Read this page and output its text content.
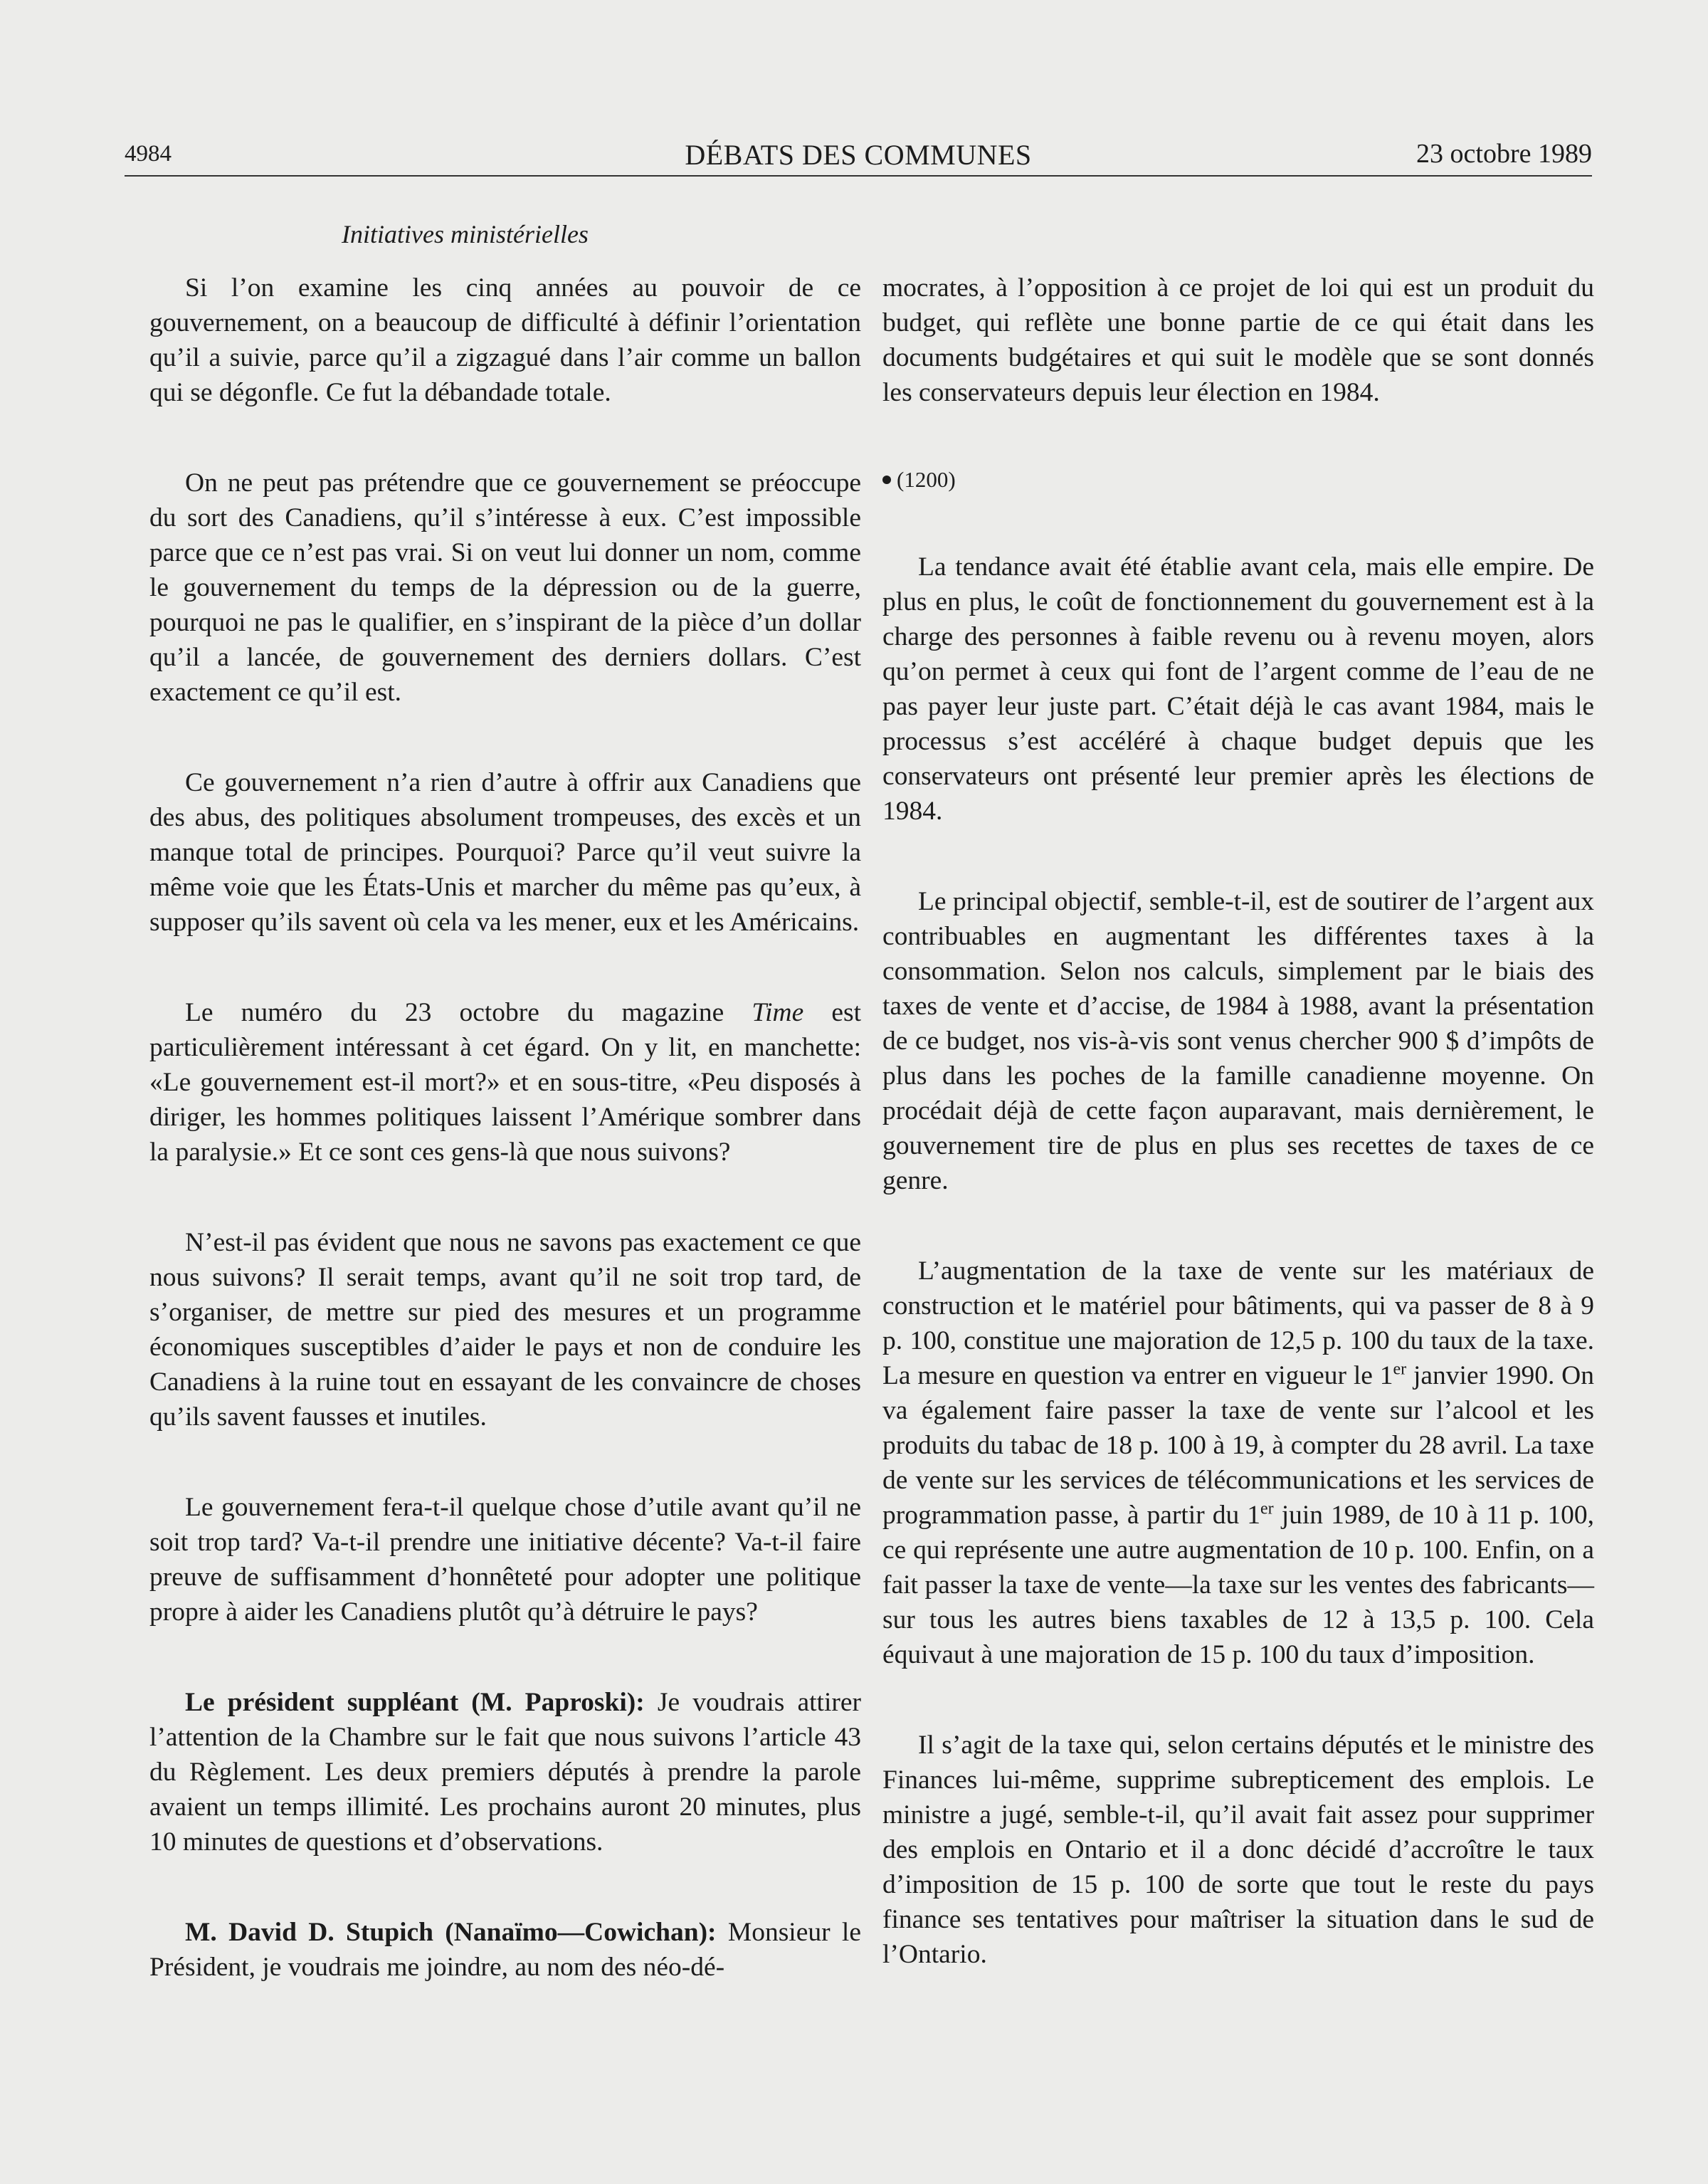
4984	DÉBATS DES COMMUNES	23 octobre 1989
Initiatives ministérielles

Si l’on examine les cinq années au pouvoir de ce gouvernement, on a beaucoup de difficulté à définir l’orientation qu’il a suivie, parce qu’il a zigzagué dans l’air comme un ballon qui se dégonfle. Ce fut la débandade totale.

On ne peut pas prétendre que ce gouvernement se préoccupe du sort des Canadiens, qu’il s’intéresse à eux. C’est impossible parce que ce n’est pas vrai. Si on veut lui donner un nom, comme le gouvernement du temps de la dépression ou de la guerre, pourquoi ne pas le qualifier, en s’inspirant de la pièce d’un dollar qu’il a lancée, de gouvernement des derniers dollars. C’est exactement ce qu’il est.

Ce gouvernement n’a rien d’autre à offrir aux Canadiens que des abus, des politiques absolument trompeuses, des excès et un manque total de principes. Pourquoi? Parce qu’il veut suivre la même voie que les États-Unis et marcher du même pas qu’eux, à supposer qu’ils savent où cela va les mener, eux et les Américains.

Le numéro du 23 octobre du magazine Time est particulièrement intéressant à cet égard. On y lit, en manchette: «Le gouvernement est-il mort?» et en sous-titre, «Peu disposés à diriger, les hommes politiques laissent l’Amérique sombrer dans la paralysie.» Et ce sont ces gens-là que nous suivons?

N’est-il pas évident que nous ne savons pas exactement ce que nous suivons? Il serait temps, avant qu’il ne soit trop tard, de s’organiser, de mettre sur pied des mesures et un programme économiques susceptibles d’aider le pays et non de conduire les Canadiens à la ruine tout en essayant de les convaincre de choses qu’ils savent fausses et inutiles.

Le gouvernement fera-t-il quelque chose d’utile avant qu’il ne soit trop tard? Va-t-il prendre une initiative décente? Va-t-il faire preuve de suffisamment d’honnêteté pour adopter une politique propre à aider les Canadiens plutôt qu’à détruire le pays?

Le président suppléant (M. Paproski): Je voudrais attirer l’attention de la Chambre sur le fait que nous suivons l’article 43 du Règlement. Les deux premiers députés à prendre la parole avaient un temps illimité. Les prochains auront 20 minutes, plus 10 minutes de questions et d’observations.

M. David D. Stupich (Nanaïmo—Cowichan): Monsieur le Président, je voudrais me joindre, au nom des néo-dé-

mocrates, à l’opposition à ce projet de loi qui est un produit du budget, qui reflète une bonne partie de ce qui était dans les documents budgétaires et qui suit le modèle que se sont donnés les conservateurs depuis leur élection en 1984.

(1200)

La tendance avait été établie avant cela, mais elle empire. De plus en plus, le coût de fonctionnement du gouvernement est à la charge des personnes à faible revenu ou à revenu moyen, alors qu’on permet à ceux qui font de l’argent comme de l’eau de ne pas payer leur juste part. C’était déjà le cas avant 1984, mais le processus s’est accéléré à chaque budget depuis que les conservateurs ont présenté leur premier après les élections de 1984.

Le principal objectif, semble-t-il, est de soutirer de l’argent aux contribuables en augmentant les différentes taxes à la consommation. Selon nos calculs, simplement par le biais des taxes de vente et d’accise, de 1984 à 1988, avant la présentation de ce budget, nos vis-à-vis sont venus chercher 900 $ d’impôts de plus dans les poches de la famille canadienne moyenne. On procédait déjà de cette façon auparavant, mais dernièrement, le gouvernement tire de plus en plus ses recettes de taxes de ce genre.

L’augmentation de la taxe de vente sur les matériaux de construction et le matériel pour bâtiments, qui va passer de 8 à 9 p. 100, constitue une majoration de 12,5 p. 100 du taux de la taxe. La mesure en question va entrer en vigueur le 1er janvier 1990. On va également faire passer la taxe de vente sur l’alcool et les produits du tabac de 18 p. 100 à 19, à compter du 28 avril. La taxe de vente sur les services de télécommunications et les services de programmation passe, à partir du 1er juin 1989, de 10 à 11 p. 100, ce qui représente une autre augmentation de 10 p. 100. Enfin, on a fait passer la taxe de vente—la taxe sur les ventes des fabricants—sur tous les autres biens taxables de 12 à 13,5 p. 100. Cela équivaut à une majoration de 15 p. 100 du taux d’imposition.

Il s’agit de la taxe qui, selon certains députés et le ministre des Finances lui-même, supprime subrepticement des emplois. Le ministre a jugé, semble-t-il, qu’il avait fait assez pour supprimer des emplois en Ontario et il a donc décidé d’accroître le taux d’imposition de 15 p. 100 de sorte que tout le reste du pays finance ses tentatives pour maîtriser la situation dans le sud de l’Ontario.
